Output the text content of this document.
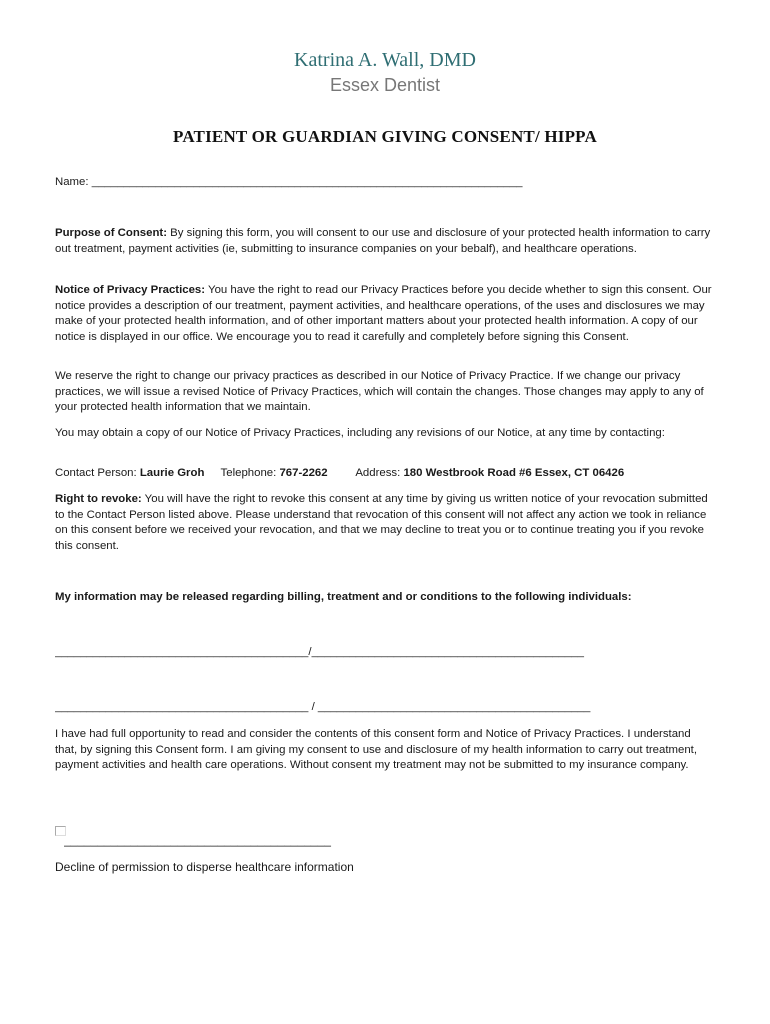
Katrina A. Wall, DMD
Essex Dentist
PATIENT OR GUARDIAN GIVING CONSENT/ HIPPA
Name: ____________________________________________________________________

Purpose of Consent: By signing this form, you will consent to our use and disclosure of your protected health information to carry out treatment, payment activities (ie, submitting to insurance companies on your bebalf), and healthcare operations.

Notice of Privacy Practices: You have the right to read our Privacy Practices before you decide whether to sign this consent. Our notice provides a description of our treatment, payment activities, and healthcare operations, of the uses and disclosures we may make of your protected health information, and of other important matters about your protected health information. A copy of our notice is displayed in our office. We encourage you to read it carefully and completely before signing this Consent.

We reserve the right to change our privacy practices as described in our Notice of Privacy Practice. If we change our privacy practices, we will issue a revised Notice of Privacy Practices, which will contain the changes. Those changes may apply to any of your protected health information that we maintain.

You may obtain a copy of our Notice of Privacy Practices, including any revisions of our Notice, at any time by contacting:

Contact Person: Laurie Groh Telephone: 767-2262 Address: 180 Westbrook Road #6 Essex, CT 06426

Right to revoke: You will have the right to revoke this consent at any time by giving us written notice of your revocation submitted to the Contact Person listed above. Please understand that revocation of this consent will not affect any action we took in reliance on this consent before we received your revocation, and that we may decline to treat you or to continue treating you if you revoke this consent.

My information may be released regarding billing, treatment and or conditions to the following individuals:
________________________________________/___________________________________________
________________________________________ / ___________________________________________

I have had full opportunity to read and consider the contents of this consent form and Notice of Privacy Practices. I understand that, by signing this Consent form. I am giving my consent to use and disclosure of my health information to carry out treatment, payment activities and health care operations. Without consent my treatment may not be submitted to my insurance company.

________________________________________
Decline of permission to disperse healthcare information
